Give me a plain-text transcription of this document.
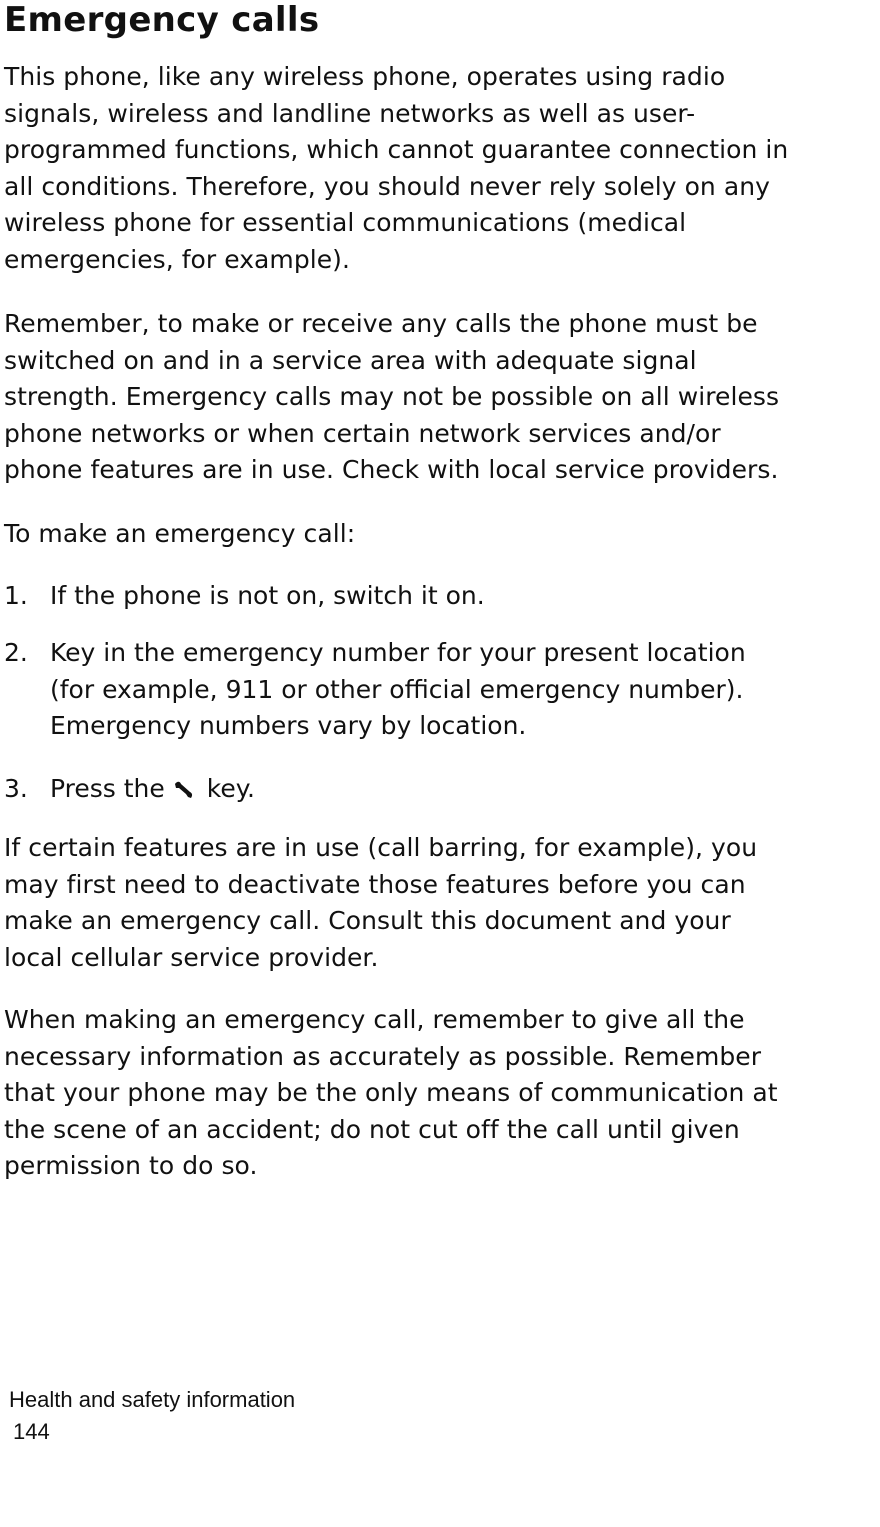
Emergency calls

This phone, like any wireless phone, operates using radio
signals, wireless and landline networks as well as user-
programmed functions, which cannot guarantee connection in
all conditions. Therefore, you should never rely solely on any
wireless phone for essential communications (medical
emergencies, for example).

Remember, to make or receive any calls the phone must be
switched on and in a service area with adequate signal
strength. Emergency calls may not be possible on all wireless
phone networks or when certain network services and/or
phone features are in use. Check with local service providers.

To make an emergency call:

1. If the phone is not on, switch it on.
2. Key in the emergency number for your present location
(for example, 911 or other official emergency number).
Emergency numbers vary by location.
3. Press the key.

If certain features are in use (call barring, for example), you
may first need to deactivate those features before you can
make an emergency call. Consult this document and your
local cellular service provider.

When making an emergency call, remember to give all the
necessary information as accurately as possible. Remember
that your phone may be the only means of communication at
the scene of an accident; do not cut off the call until given
permission to do so.

Health and safety information

144
